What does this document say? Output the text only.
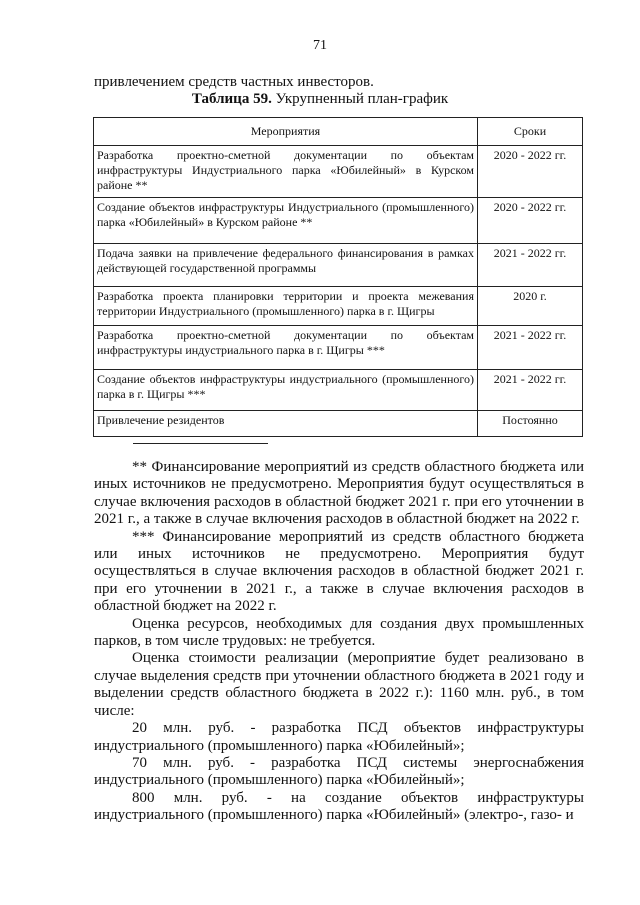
71
привлечением средств частных инвесторов.
Таблица 59. Укрупненный план-график
Мероприятия	Сроки
Разработка проектно-сметной документации по объектам инфраструктуры Индустриального парка «Юбилейный» в Курском районе **	2020 - 2022 гг.
Создание объектов инфраструктуры Индустриального (промышленного) парка «Юбилейный» в Курском районе **	2020 - 2022 гг.
Подача заявки на привлечение федерального финансирования в рамках действующей государственной программы	2021 - 2022 гг.
Разработка проекта планировки территории и проекта межевания территории Индустриального (промышленного) парка в г. Щигры	2020 г.
Разработка проектно-сметной документации по объектам инфраструктуры индустриального парка в г. Щигры ***	2021 - 2022 гг.
Создание объектов инфраструктуры индустриального (промышленного) парка в г. Щигры ***	2021 - 2022 гг.
Привлечение резидентов	Постоянно

** Финансирование мероприятий из средств областного бюджета или иных источников не предусмотрено. Мероприятия будут осуществляться в случае включения расходов в областной бюджет 2021 г. при его уточнении в 2021 г., а также в случае включения расходов в областной бюджет на 2022 г.

*** Финансирование мероприятий из средств областного бюджета или иных источников не предусмотрено. Мероприятия будут осуществляться в случае включения расходов в областной бюджет 2021 г. при его уточнении в 2021 г., а также в случае включения расходов в областной бюджет на 2022 г.

Оценка ресурсов, необходимых для создания двух промышленных парков, в том числе трудовых: не требуется.

Оценка стоимости реализации (мероприятие будет реализовано в случае выделения средств при уточнении областного бюджета в 2021 году и выделении средств областного бюджета в 2022 г.): 1160 млн. руб., в том числе:

20 млн. руб. - разработка ПСД объектов инфраструктуры индустриального (промышленного) парка «Юбилейный»;

70 млн. руб. - разработка ПСД системы энергоснабжения индустриального (промышленного) парка «Юбилейный»;

800 млн. руб. - на создание объектов инфраструктуры индустриального (промышленного) парка «Юбилейный» (электро-, газо- и
